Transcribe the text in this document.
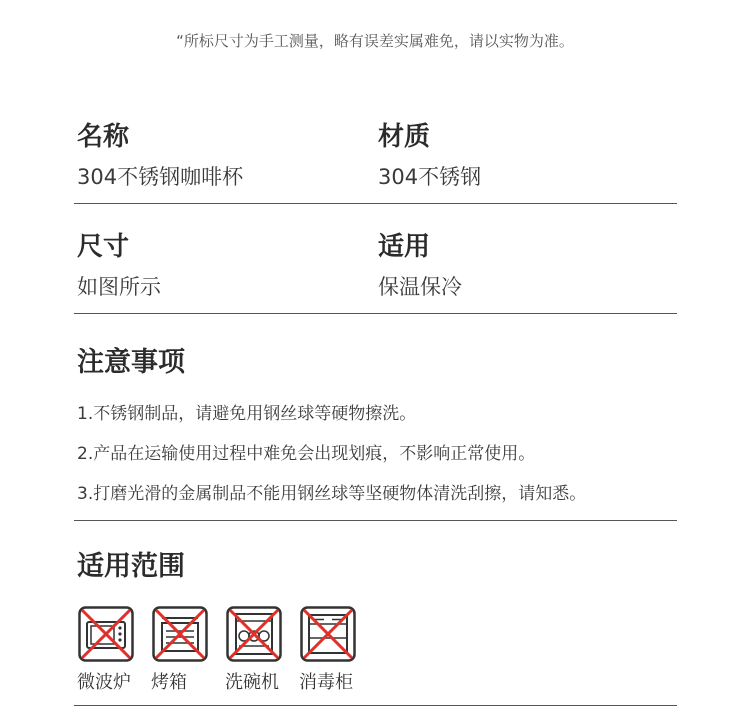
“所标尺寸为手工测量，略有误差实属难免，请以实物为准。
名称
304不锈钢咖啡杯
材质
304不锈钢
尺寸
如图所示
适用
保温保冷
注意事项
1.不锈钢制品，请避免用钢丝球等硬物擦洗。
2.产品在运输使用过程中难免会出现划痕，不影响正常使用。
3.打磨光滑的金属制品不能用钢丝球等坚硬物体清洗刮擦，请知悉。
适用范围
微波炉	烤箱	洗碗机	消毒柜
